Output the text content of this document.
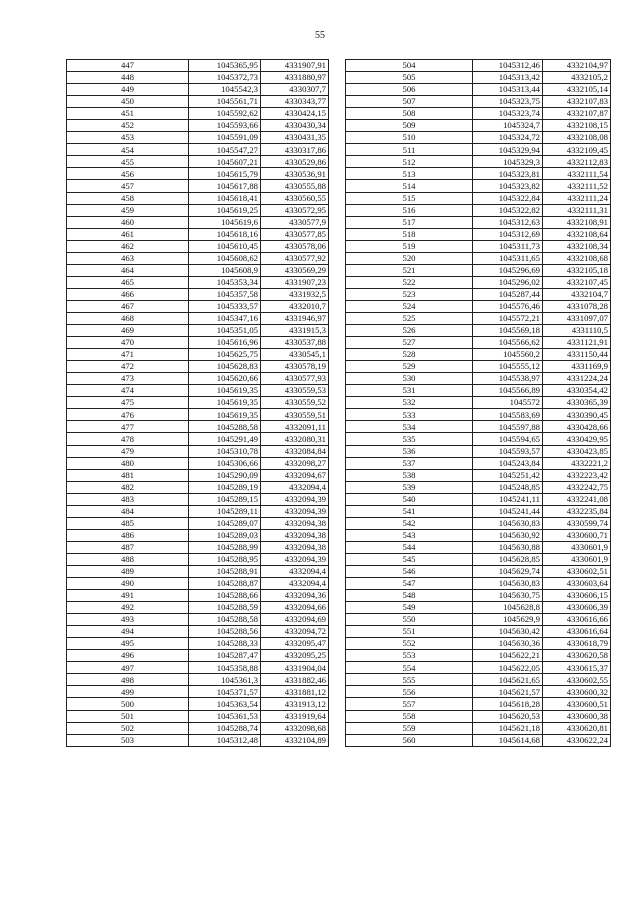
55
447	1045365,95	4331907,91
448	1045372,73	4331880,97
449	1045542,3	4330307,7
450	1045561,71	4330343,77
451	1045592,62	4330424,15
452	1045593,66	4330430,34
453	1045591,09	4330431,35
454	1045547,27	4330317,86
455	1045607,21	4330529,86
456	1045615,79	4330536,91
457	1045617,88	4330555,88
458	1045618,41	4330560,55
459	1045619,25	4330572,95
460	1045619,6	4330577,9
461	1045618,16	4330577,85
462	1045610,45	4330578,06
463	1045608,62	4330577,92
464	1045608,9	4330569,29
465	1045353,34	4331907,23
466	1045357,58	4331932,5
467	1045333,57	4332010,7
468	1045347,16	4331946,97
469	1045351,05	4331915,3
470	1045616,96	4330537,88
471	1045625,75	4330545,1
472	1045628,83	4330578,19
473	1045620,66	4330577,93
474	1045619,35	4330559,53
475	1045619,35	4330559,52
476	1045619,35	4330559,51
477	1045288,58	4332091,11
478	1045291,49	4332080,31
479	1045310,78	4332084,84
480	1045306,66	4332098,27
481	1045290,09	4332094,67
482	1045289,19	4332094,4
483	1045289,15	4332094,39
484	1045289,11	4332094,39
485	1045289,07	4332094,38
486	1045289,03	4332094,38
487	1045288,99	4332094,38
488	1045288,95	4332094,39
489	1045288,91	4332094,4
490	1045288,87	4332094,4
491	1045288,66	4332094,36
492	1045288,59	4332094,66
493	1045288,58	4332094,69
494	1045288,56	4332094,72
495	1045288,33	4332095,47
496	1045287,47	4332095,25
497	1045358,88	4331904,04
498	1045361,3	4331882,46
499	1045371,57	4331881,12
500	1045363,54	4331913,12
501	1045361,53	4331919,64
502	1045288,74	4332098,68
503	1045312,48	4332104,89
504	1045312,46	4332104,97
505	1045313,42	4332105,2
506	1045313,44	4332105,14
507	1045323,75	4332107,83
508	1045323,74	4332107,87
509	1045324,7	4332108,15
510	1045324,72	4332108,08
511	1045329,94	4332109,45
512	1045329,3	4332112,83
513	1045323,81	4332111,54
514	1045323,82	4332111,52
515	1045322,84	4332111,24
516	1045322,82	4332111,31
517	1045312,63	4332108,91
518	1045312,69	4332108,64
519	1045311,73	4332108,34
520	1045311,65	4332108,68
521	1045296,69	4332105,18
522	1045296,02	4332107,45
523	1045287,44	4332104,7
524	1045576,46	4331078,28
525	1045572,21	4331097,07
526	1045569,18	4331110,5
527	1045566,62	4331121,91
528	1045560,2	4331150,44
529	1045555,12	4331169,9
530	1045538,97	4331224,24
531	1045566,89	4330354,42
532	1045572	4330365,39
533	1045583,69	4330390,45
534	1045597,88	4330428,66
535	1045594,65	4330429,95
536	1045593,57	4330423,85
537	1045243,84	4332221,2
538	1045251,42	4332223,42
539	1045248,85	4332242,75
540	1045241,11	4332241,08
541	1045241,44	4332235,84
542	1045630,83	4330599,74
543	1045630,92	4330600,71
544	1045630,88	4330601,9
545	1045628,85	4330601,9
546	1045629,74	4330602,51
547	1045630,83	4330603,64
548	1045630,75	4330606,15
549	1045628,8	4330606,39
550	1045629,9	4330616,66
551	1045630,42	4330616,64
552	1045630,36	4330618,79
553	1045622,21	4330620,58
554	1045622,05	4330615,37
555	1045621,65	4330602,55
556	1045621,57	4330600,32
557	1045618,28	4330600,51
558	1045620,53	4330600,38
559	1045621,18	4330620,81
560	1045614,68	4330622,24
